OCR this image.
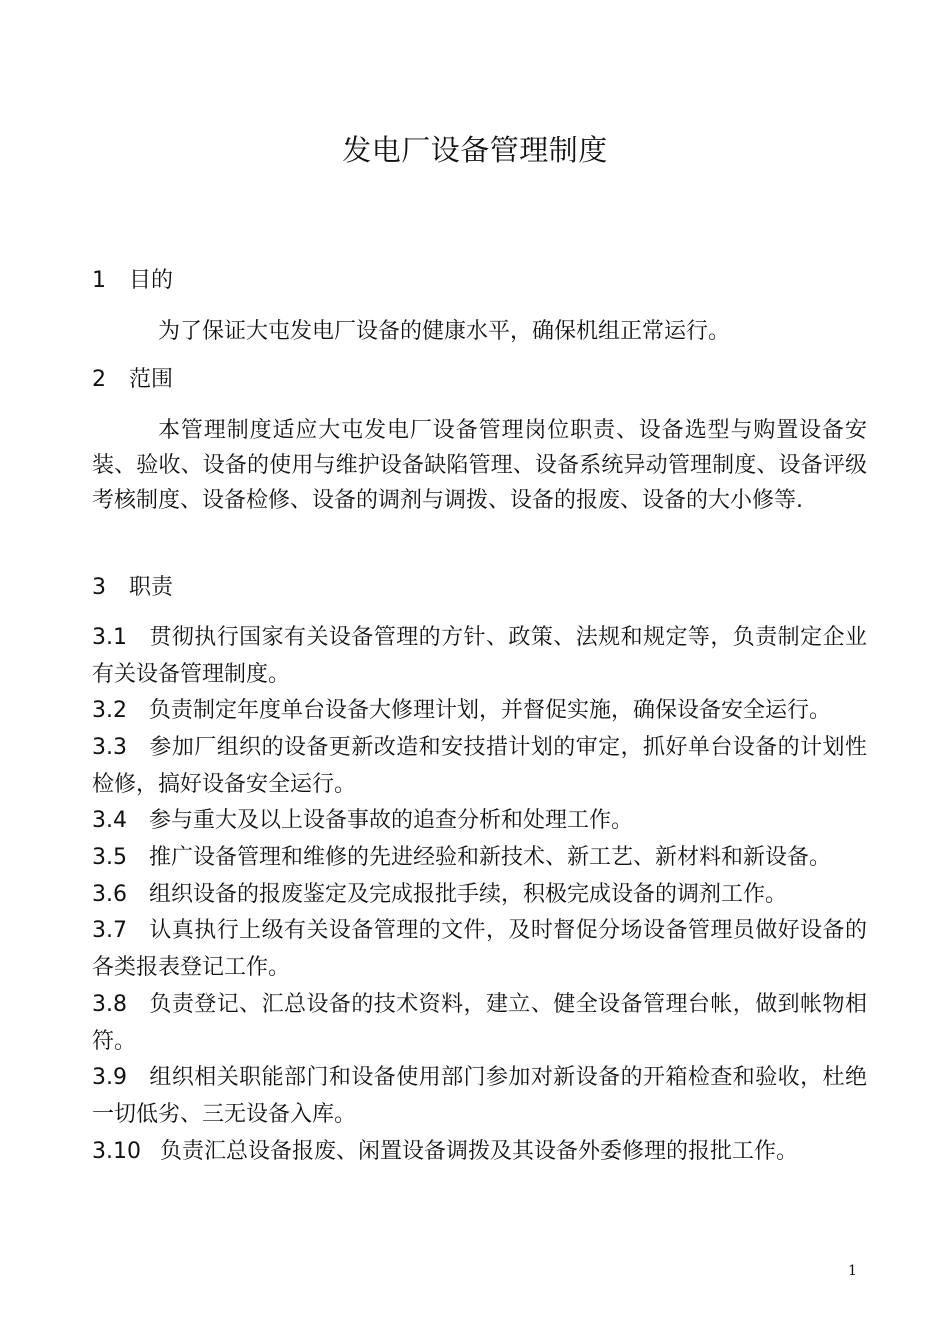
发电厂设备管理制度
1 目的

为了保证大屯发电厂设备的健康水平，确保机组正常运行。

2 范围

本管理制度适应大屯发电厂设备管理岗位职责、设备选型与购置设备安装、验收、设备的使用与维护设备缺陷管理、设备系统异动管理制度、设备评级考核制度、设备检修、设备的调剂与调拨、设备的报废、设备的大小修等.

3 职责

3.1 贯彻执行国家有关设备管理的方针、政策、法规和规定等，负责制定企业有关设备管理制度。

3.2 负责制定年度单台设备大修理计划，并督促实施，确保设备安全运行。

3.3 参加厂组织的设备更新改造和安技措计划的审定，抓好单台设备的计划性检修，搞好设备安全运行。

3.4 参与重大及以上设备事故的追查分析和处理工作。

3.5 推广设备管理和维修的先进经验和新技术、新工艺、新材料和新设备。

3.6 组织设备的报废鉴定及完成报批手续，积极完成设备的调剂工作。

3.7 认真执行上级有关设备管理的文件，及时督促分场设备管理员做好设备的各类报表登记工作。

3.8 负责登记、汇总设备的技术资料，建立、健全设备管理台帐，做到帐物相符。

3.9 组织相关职能部门和设备使用部门参加对新设备的开箱检查和验收，杜绝一切低劣、三无设备入库。

3.10 负责汇总设备报废、闲置设备调拨及其设备外委修理的报批工作。

1
